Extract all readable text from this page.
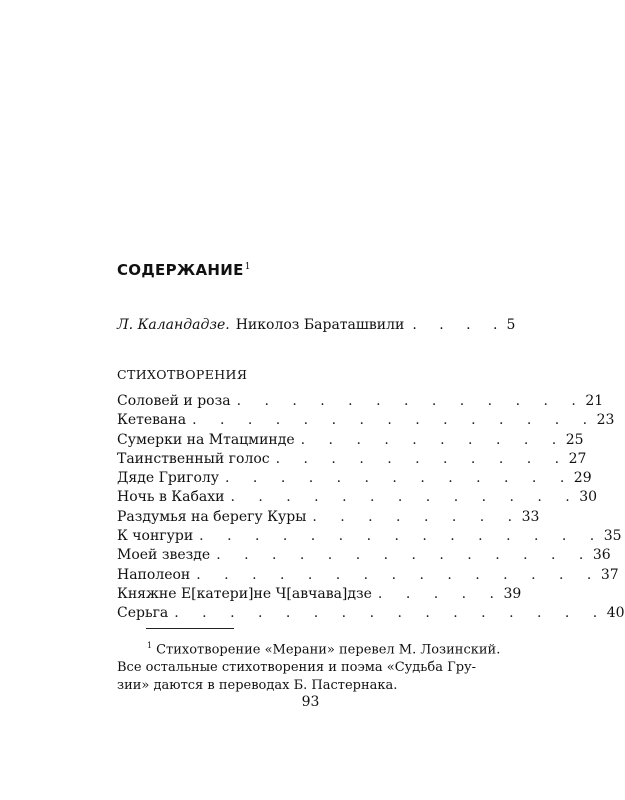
СОДЕРЖАНИЕ$^1$
Л. Каландадзе. Николоз Бараташвили . . . . 5
СТИХОТВОРЕНИЯ
Соловей и роза . . . . . . . . . . . . . 21
Кетевана . . . . . . . . . . . . . . . 23
Сумерки на Мтацминде . . . . . . . . . . 25
Таинственный голос . . . . . . . . . . . 27
Дяде Григолу . . . . . . . . . . . . . 29
Ночь в Кабахи . . . . . . . . . . . . . 30
Раздумья на берегу Куры . . . . . . . . 33
К чонгури . . . . . . . . . . . . . . . 35
Моей звезде . . . . . . . . . . . . . . 36
Наполеон . . . . . . . . . . . . . . . 37
Княжне Е[катери]не Ч[авчава]дзе . . . . . 39
Серьга . . . . . . . . . . . . . . . . 40
$^1$ Стихотворение «Мерани» перевел М. Лозинский.
Все остальные стихотворения и поэма «Судьба Гру-
зии» даются в переводах Б. Пастернака.
93
